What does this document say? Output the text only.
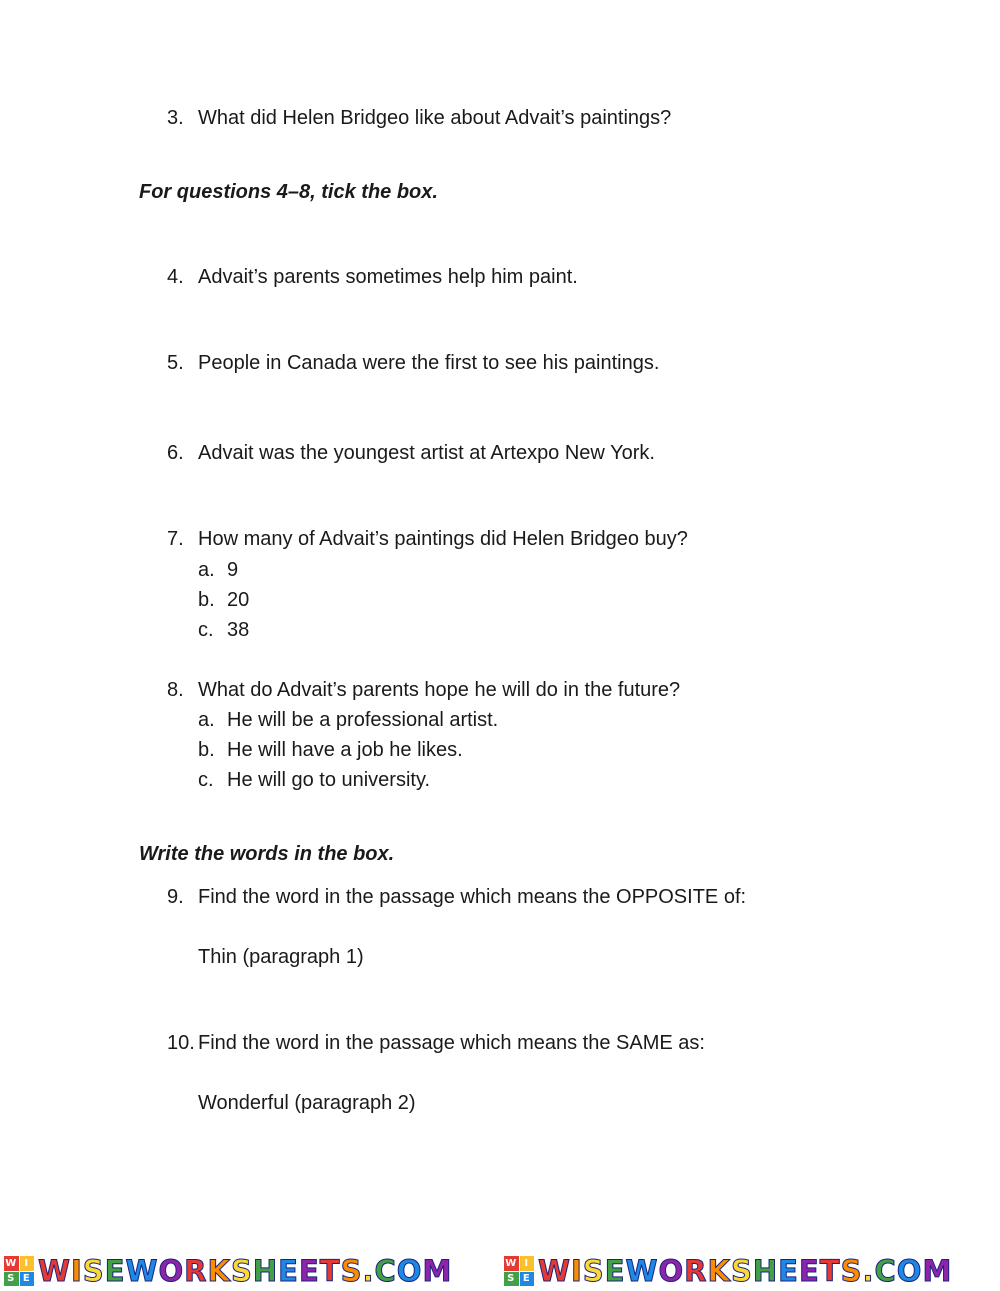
3. What did Helen Bridgeo like about Advait’s paintings?
For questions 4–8, tick the box.
4. Advait’s parents sometimes help him paint.
5. People in Canada were the first to see his paintings.
6. Advait was the youngest artist at Artexpo New York.
7. How many of Advait’s paintings did Helen Bridgeo buy?
a. 9
b. 20
c. 38
8. What do Advait’s parents hope he will do in the future?
a. He will be a professional artist.
b. He will have a job he likes.
c. He will go to university.
Write the words in the box.
9. Find the word in the passage which means the OPPOSITE of:
Thin (paragraph 1)
10. Find the word in the passage which means the SAME as:
Wonderful (paragraph 2)
W I
S E WISEWORKSHEETS.COM	W I
S E WISEWORKSHEETS.COM
